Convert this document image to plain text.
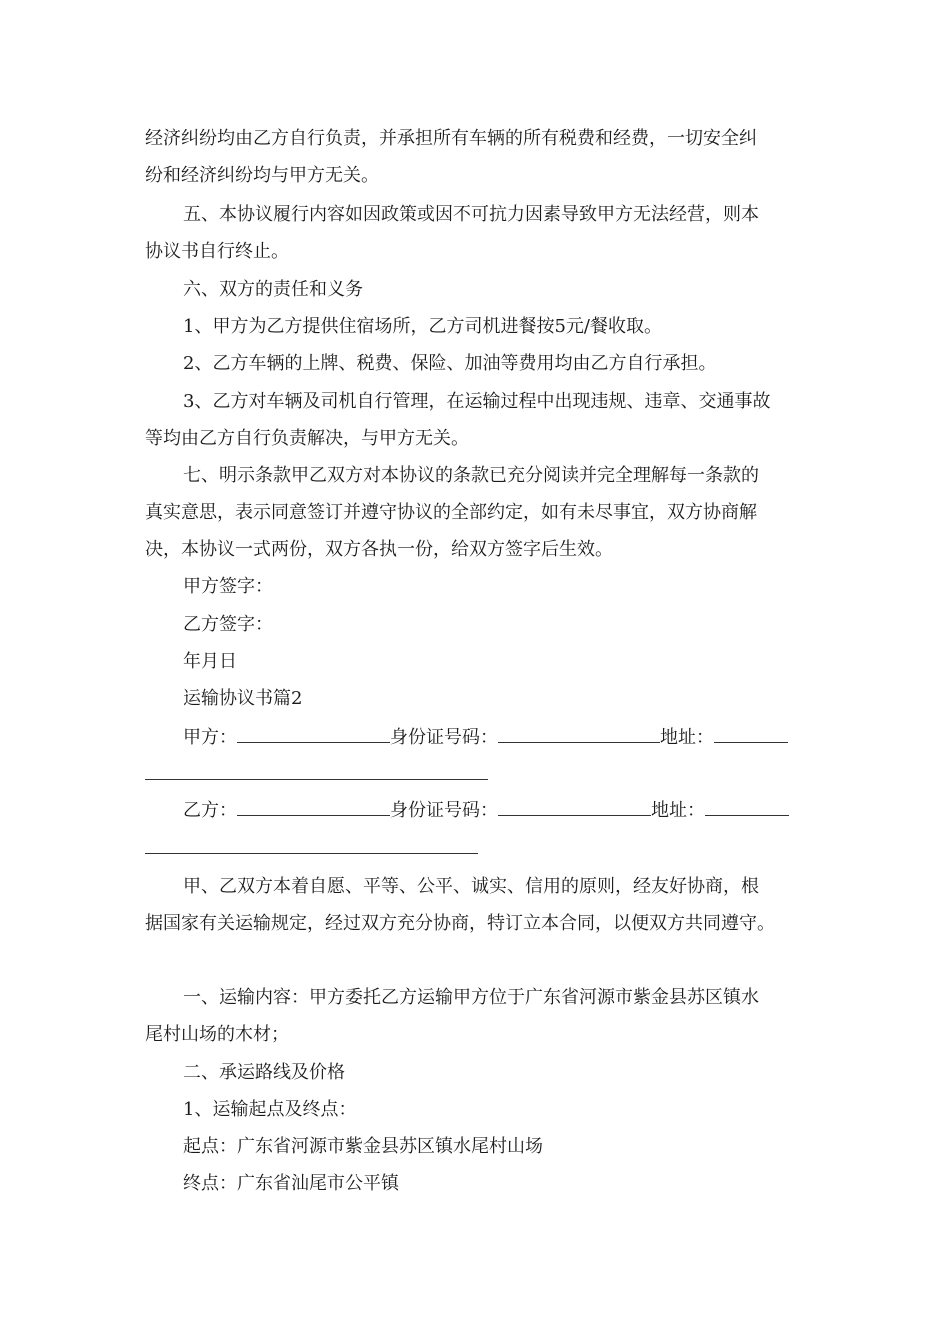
经济纠纷均由乙方自行负责，并承担所有车辆的所有税费和经费，一切安全纠

纷和经济纠纷均与甲方无关。

五、本协议履行内容如因政策或因不可抗力因素导致甲方无法经营，则本

协议书自行终止。

六、双方的责任和义务

1、甲方为乙方提供住宿场所，乙方司机进餐按5元/餐收取。

2、乙方车辆的上牌、税费、保险、加油等费用均由乙方自行承担。

3、乙方对车辆及司机自行管理，在运输过程中出现违规、违章、交通事故

等均由乙方自行负责解决，与甲方无关。

七、明示条款甲乙双方对本协议的条款已充分阅读并完全理解每一条款的

真实意思，表示同意签订并遵守协议的全部约定，如有未尽事宜，双方协商解

决，本协议一式两份，双方各执一份，给双方签字后生效。

甲方签字：

乙方签字：

年月日

运输协议书篇2

甲方：	身份证号码：	地址：

乙方：	身份证号码：	地址：

甲、乙双方本着自愿、平等、公平、诚实、信用的原则，经友好协商，根

据国家有关运输规定，经过双方充分协商，特订立本合同，以便双方共同遵守。

一、运输内容：甲方委托乙方运输甲方位于广东省河源市紫金县苏区镇水

尾村山场的木材；

二、承运路线及价格

1、运输起点及终点：

起点：广东省河源市紫金县苏区镇水尾村山场

终点：广东省汕尾市公平镇
